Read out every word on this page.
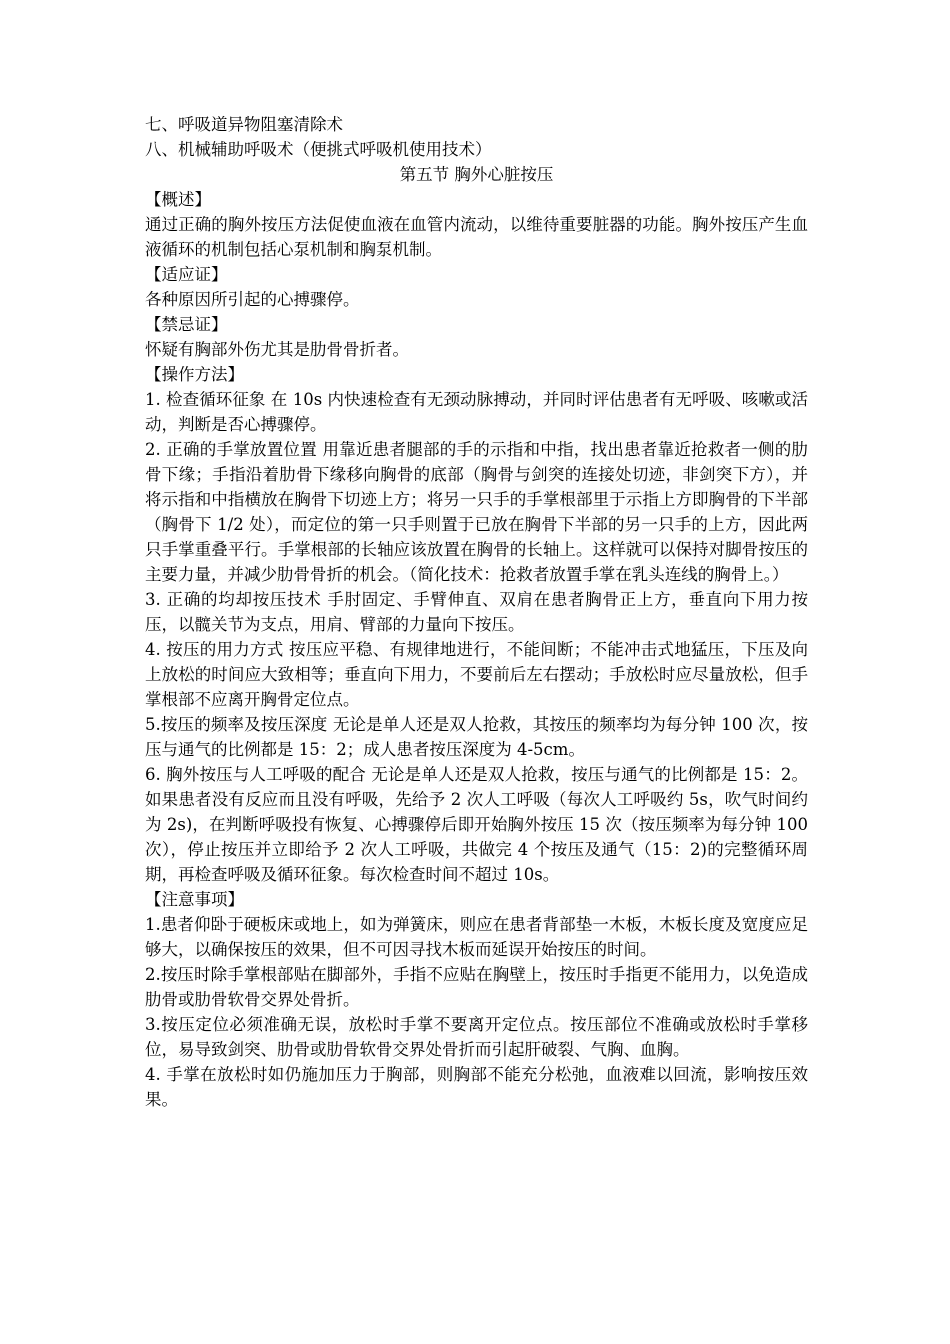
七、呼吸道异物阻塞清除术
八、机械辅助呼吸术（便挑式呼吸机使用技术）
第五节 胸外心脏按压
【概述】
通过正确的胸外按压方法促使血液在血管内流动，以维待重要脏器的功能。胸外按压产生血液循环的机制包括心泵机制和胸泵机制。
【适应证】
各种原因所引起的心搏骤停。
【禁忌证】
怀疑有胸部外伤尤其是肋骨骨折者。
【操作方法】
1. 检查循环征象 在 10s 内快速检查有无颈动脉搏动，并同时评估患者有无呼吸、咳嗽或活动，判断是否心搏骤停。
2. 正确的手掌放置位置 用靠近患者腿部的手的示指和中指，找出患者靠近抢救者一侧的肋骨下缘；手指沿着肋骨下缘移向胸骨的底部（胸骨与剑突的连接处切迹，非剑突下方），并将示指和中指横放在胸骨下切迹上方；将另一只手的手掌根部里于示指上方即胸骨的下半部（胸骨下 1/2 处），而定位的第一只手则置于已放在胸骨下半部的另一只手的上方，因此两只手掌重叠平行。手掌根部的长轴应该放置在胸骨的长轴上。这样就可以保持对脚骨按压的主要力量，并减少肋骨骨折的机会。（简化技术：抢救者放置手掌在乳头连线的胸骨上。）
3. 正确的均却按压技术 手肘固定、手臂伸直、双肩在患者胸骨正上方，垂直向下用力按压，以髋关节为支点，用肩、臂部的力量向下按压。
4. 按压的用力方式 按压应平稳、有规律地进行，不能间断；不能冲击式地猛压，下压及向上放松的时间应大致相等；垂直向下用力，不要前后左右摆动；手放松时应尽量放松，但手掌根部不应离开胸骨定位点。
5.按压的频率及按压深度 无论是单人还是双人抢救，其按压的频率均为每分钟 100 次，按压与通气的比例都是 15：2；成人患者按压深度为 4-5cm。
6. 胸外按压与人工呼吸的配合 无论是单人还是双人抢救，按压与通气的比例都是 15：2。如果患者没有反应而且没有呼吸，先给予 2 次人工呼吸（每次人工呼吸约 5s，吹气时间约为 2s)，在判断呼吸投有恢复、心搏骤停后即开始胸外按压 15 次（按压频率为每分钟 100 次），停止按压并立即给予 2 次人工呼吸，共做完 4 个按压及通气（15：2)的完整循环周期，再检查呼吸及循环征象。每次检查时间不超过 10s。
【注意事项】
1.患者仰卧于硬板床或地上，如为弹簧床，则应在患者背部垫一木板，木板长度及宽度应足够大，以确保按压的效果，但不可因寻找木板而延误开始按压的时间。
2.按压时除手掌根部贴在脚部外，手指不应贴在胸壁上，按压时手指更不能用力，以免造成肋骨或肋骨软骨交界处骨折。
3.按压定位必须准确无误，放松时手掌不要离开定位点。按压部位不准确或放松时手掌移位，易导致剑突、肋骨或肋骨软骨交界处骨折而引起肝破裂、气胸、血胸。
4. 手掌在放松时如仍施加压力于胸部，则胸部不能充分松弛，血液难以回流，影响按压效果。
